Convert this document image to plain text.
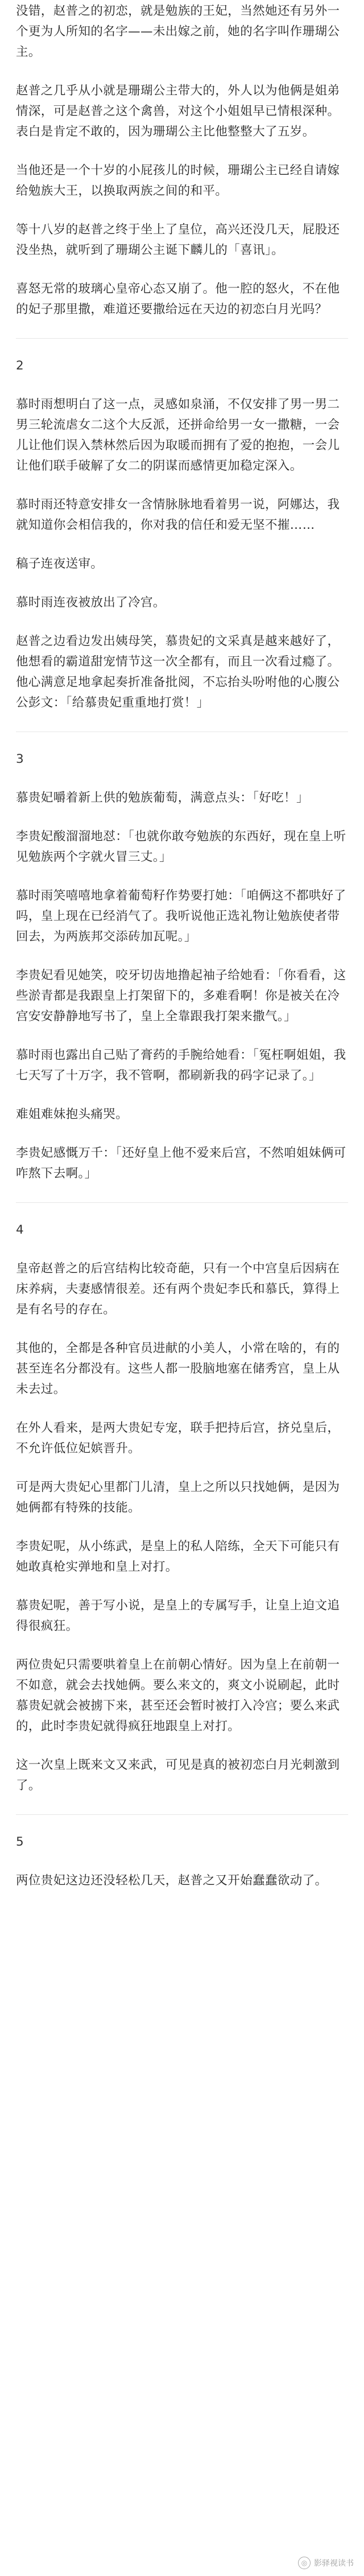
没错，赵普之的初恋，就是勉族的王妃，当然她还有另外一个更为人所知的名字——未出嫁之前，她的名字叫作珊瑚公主。

赵普之几乎从小就是珊瑚公主带大的，外人以为他俩是姐弟情深，可是赵普之这个禽兽，对这个小姐姐早已情根深种。表白是肯定不敢的，因为珊瑚公主比他整整大了五岁。

当他还是一个十岁的小屁孩儿的时候，珊瑚公主已经自请嫁给勉族大王，以换取两族之间的和平。

等十八岁的赵普之终于坐上了皇位，高兴还没几天，屁股还没坐热，就听到了珊瑚公主诞下麟儿的「喜讯」。

喜怒无常的玻璃心皇帝心态又崩了。他一腔的怒火，不在他的妃子那里撒，难道还要撒给远在天边的初恋白月光吗？

2

慕时雨想明白了这一点，灵感如泉涌，不仅安排了男一男二男三轮流虐女二这个大反派，还拼命给男一女一撒糖，一会儿让他们误入禁林然后因为取暖而拥有了爱的抱抱，一会儿让他们联手破解了女二的阴谋而感情更加稳定深入。

慕时雨还特意安排女一含情脉脉地看着男一说，阿娜达，我就知道你会相信我的，你对我的信任和爱无坚不摧……

稿子连夜送审。

慕时雨连夜被放出了冷宫。

赵普之边看边发出姨母笑，慕贵妃的文采真是越来越好了，他想看的霸道甜宠情节这一次全都有，而且一次看过瘾了。他心满意足地拿起奏折准备批阅，不忘抬头吩咐他的心腹公公彭文：「给慕贵妃重重地打赏！」

3

慕贵妃嚼着新上供的勉族葡萄，满意点头：「好吃！」

李贵妃酸溜溜地怼：「也就你敢夸勉族的东西好，现在皇上听见勉族两个字就火冒三丈。」

慕时雨笑嘻嘻地拿着葡萄籽作势要打她：「咱俩这不都哄好了吗，皇上现在已经消气了。我听说他正选礼物让勉族使者带回去，为两族邦交添砖加瓦呢。」

李贵妃看见她笑，咬牙切齿地撸起袖子给她看：「你看看，这些淤青都是我跟皇上打架留下的，多难看啊！你是被关在冷宫安安静静地写书了，皇上全靠跟我打架来撒气。」

慕时雨也露出自己贴了膏药的手腕给她看：「冤枉啊姐姐，我七天写了十万字，我不管啊，都刷新我的码字记录了。」

难姐难妹抱头痛哭。

李贵妃感慨万千：「还好皇上他不爱来后宫，不然咱姐妹俩可咋熬下去啊。」

4

皇帝赵普之的后宫结构比较奇葩，只有一个中宫皇后因病在床养病，夫妻感情很差。还有两个贵妃李氏和慕氏，算得上是有名号的存在。

其他的，全都是各种官员进献的小美人，小常在啥的，有的甚至连名分都没有。这些人都一股脑地塞在储秀宫，皇上从未去过。

在外人看来，是两大贵妃专宠，联手把持后宫，挤兑皇后，不允许低位妃嫔晋升。

可是两大贵妃心里都门儿清，皇上之所以只找她俩，是因为她俩都有特殊的技能。

李贵妃呢，从小练武，是皇上的私人陪练，全天下可能只有她敢真枪实弹地和皇上对打。

慕贵妃呢，善于写小说，是皇上的专属写手，让皇上迫文追得很疯狂。

两位贵妃只需要哄着皇上在前朝心情好。因为皇上在前朝一不如意，就会去找她俩。要么来文的，爽文小说刷起，此时慕贵妃就会被掳下来，甚至还会暂时被打入冷宫；要么来武的，此时李贵妃就得疯狂地跟皇上对打。

这一次皇上既来文又来武，可见是真的被初恋白月光刺激到了。

5

两位贵妃这边还没轻松几天，赵普之又开始蠢蠢欲动了。

◎ 影驿视读书
